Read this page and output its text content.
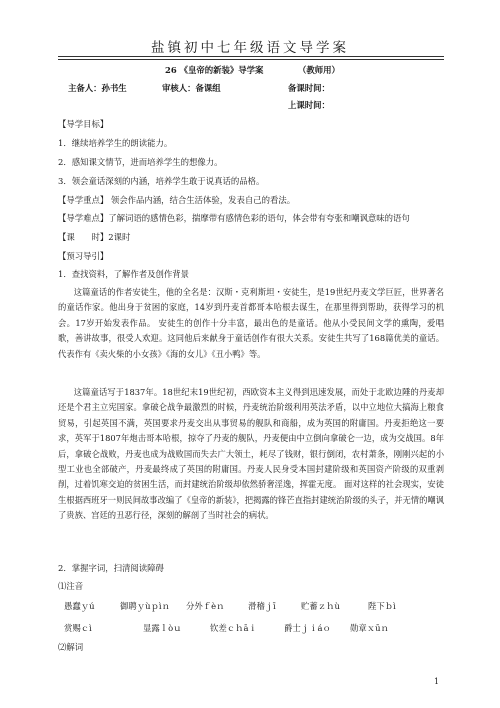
盐镇初中七年级语文导学案
26 《皇帝的新装》导学案	（教师用）
主备人：孙书生	审核人：备课组	备课时间：
上课时间：
【导学目标】
1．继续培养学生的朗读能力。
2．感知课文情节，进而培养学生的想像力。
3．领会童话深刻的内涵，培养学生敢于说真话的品格。
【导学重点】 领会作品内涵，结合生活体验，发表自己的看法。
【导学难点】了解词语的感情色彩，揣摩带有感情色彩的语句，体会带有夸张和嘲讽意味的语句
【课　　时】2课时
【预习导引】
1．查找资料，了解作者及创作背景
这篇童话的作者安徒生，他的全名是：汉斯・克利斯坦・安徒生，是19世纪丹麦文学巨匠，世界著名的童话作家。他出身于贫困的家庭，14岁到丹麦首都哥本哈根去谋生，在那里得到帮助，获得学习的机会。17岁开始发表作品。 安徒生的创作十分丰富，最出色的是童话。他从小受民间文学的熏陶，爱唱歌，善讲故事，很受人欢迎。这同他后来献身于童话创作有很大关系。安徒生共写了168篇优美的童话。代表作有《卖火柴的小女孩》《海的女儿》《丑小鸭》等。
这篇童话写于1837年。18世纪末19世纪初，西欧资本主义得到迅速发展，而处于北欧边陲的丹麦却还是个君主立宪国家。拿破仑战争最激烈的时候，丹麦统治阶级利用英法矛盾，以中立地位大搞海上粮食贸易，引起英国不满，英国要求丹麦交出从事贸易的舰队和商船，成为英国的附庸国。丹麦拒绝这一要求，英军于1807年炮击哥本哈根，掠夺了丹麦的舰队，丹麦便由中立倒向拿破仑一边，成为交战国。8年后，拿破仑战败，丹麦也成为战败国而失去广大领土，耗尽了钱财，银行倒闭，农村萧条，刚刚兴起的小型工业也全部破产，丹麦最终成了英国的附庸国。丹麦人民身受本国封建阶级和英国资产阶级的双重剥削，过着饥寒交迫的贫困生活，而封建统治阶级却依然骄奢淫逸，挥霍无度。 面对这样的社会现实，安徒生根据西班牙一则民间故事改编了《皇帝的新装》，把揭露的锋芒直指封建统治阶级的头子，并无情的嘲讽了贵族、宫廷的丑恶行径，深刻的解剖了当时社会的病状。
2．掌握字词，扫清阅读障碍
⑴注音
愚蠢ｙú	御聘ｙùｐìｎ 分外ｆèｎ	滑稽ｊī	贮蓄ｚｈù	陛下ｂì
赏赐ｃì	显露ｌòｕ	钦差ｃｈāｉ	爵士ｊｉáｏ 勋章ｘūｎ
⑵解词
1
